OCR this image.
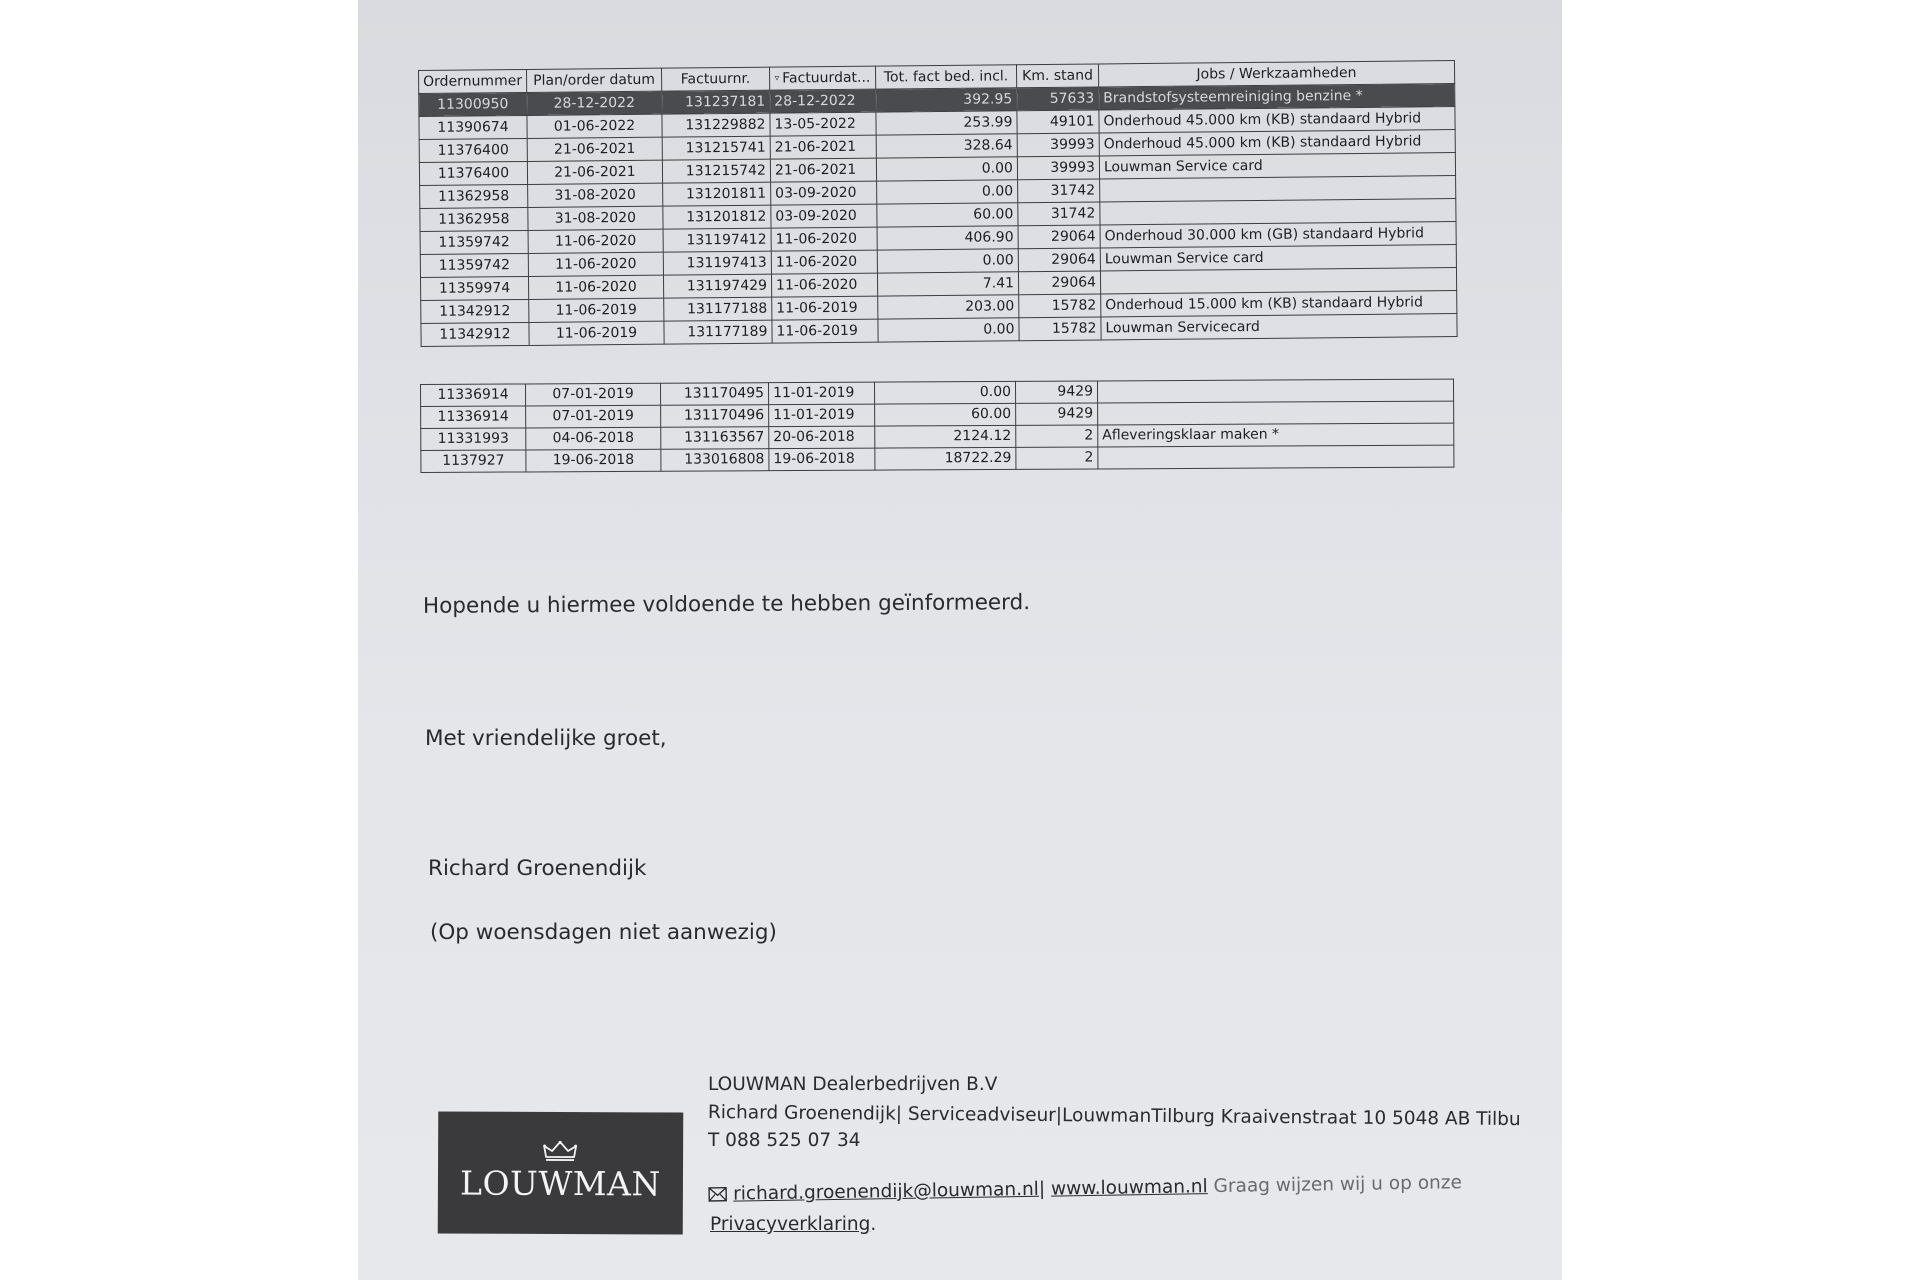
Ordernummer	Plan/order datum	Factuurnr.	▿ Factuurdat...	Tot. fact bed. incl.	Km. stand	Jobs / Werkzaamheden
11300950	28-12-2022	131237181	28-12-2022	392.95	57633	Brandstofsysteemreiniging benzine *
11390674	01-06-2022	131229882	13-05-2022	253.99	49101	Onderhoud 45.000 km (KB) standaard Hybrid
11376400	21-06-2021	131215741	21-06-2021	328.64	39993	Onderhoud 45.000 km (KB) standaard Hybrid
11376400	21-06-2021	131215742	21-06-2021	0.00	39993	Louwman Service card
11362958	31-08-2020	131201811	03-09-2020	0.00	31742	
11362958	31-08-2020	131201812	03-09-2020	60.00	31742	
11359742	11-06-2020	131197412	11-06-2020	406.90	29064	Onderhoud 30.000 km (GB) standaard Hybrid
11359742	11-06-2020	131197413	11-06-2020	0.00	29064	Louwman Service card
11359974	11-06-2020	131197429	11-06-2020	7.41	29064	
11342912	11-06-2019	131177188	11-06-2019	203.00	15782	Onderhoud 15.000 km (KB) standaard Hybrid
11342912	11-06-2019	131177189	11-06-2019	0.00	15782	Louwman Servicecard
11336914	07-01-2019	131170495	11-01-2019	0.00	9429	
11336914	07-01-2019	131170496	11-01-2019	60.00	9429	
11331993	04-06-2018	131163567	20-06-2018	2124.12	2	Afleveringsklaar maken *
1137927	19-06-2018	133016808	19-06-2018	18722.29	2	
Hopende u hiermee voldoende te hebben geïnformeerd.
Met vriendelijke groet,
Richard Groenendijk
(Op woensdagen niet aanwezig)
LOUWMAN
LOUWMAN Dealerbedrijven B.V
Richard Groenendijk| Serviceadviseur|LouwmanTilburg Kraaivenstraat 10 5048 AB Tilbu
T 088 525 07 34
richard.groenendijk@louwman.nl| www.louwman.nl Graag wijzen wij u op onze
Privacyverklaring.
